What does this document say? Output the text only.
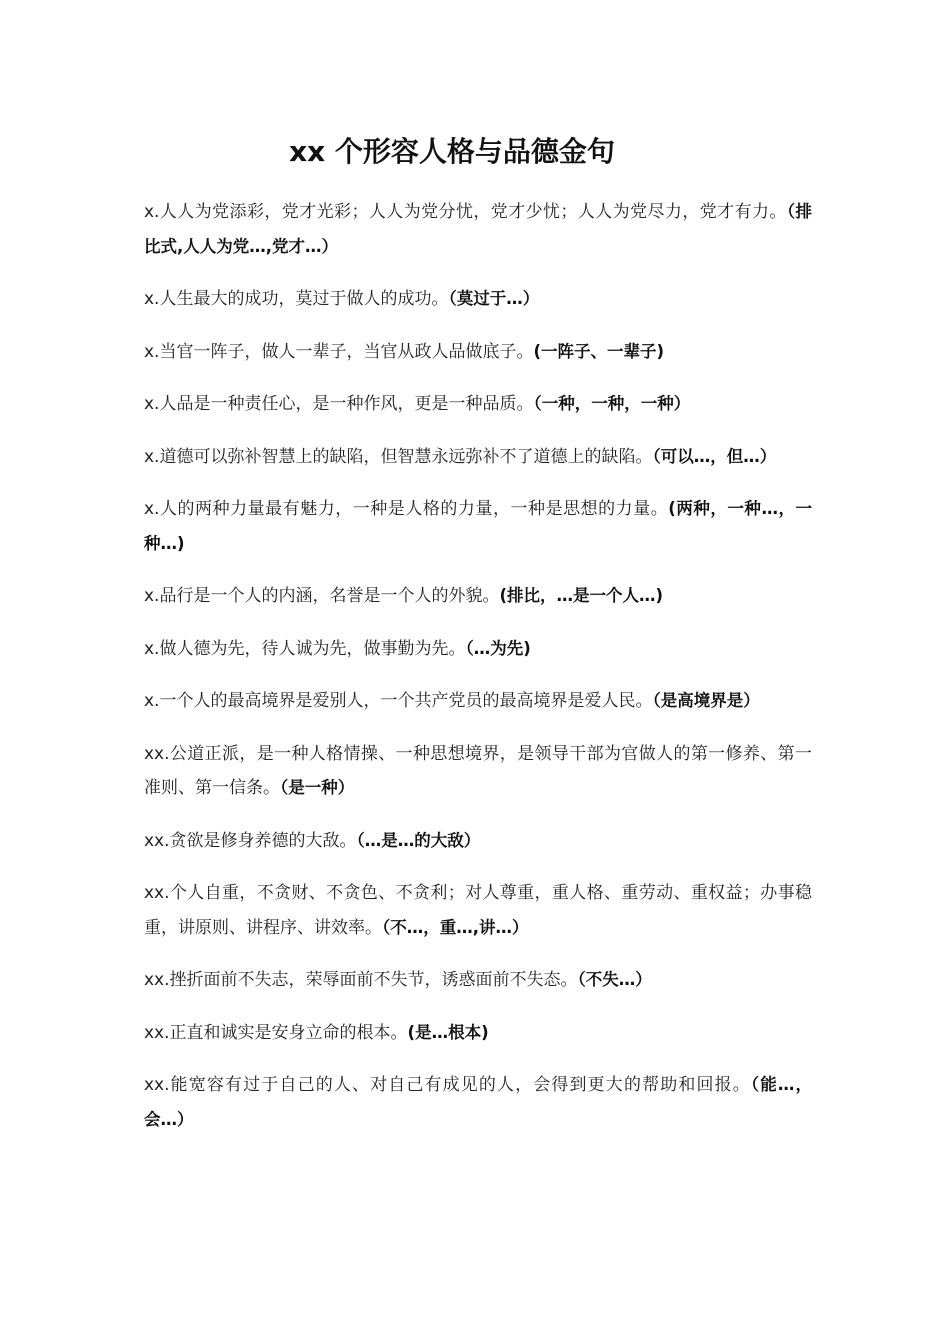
xx 个形容人格与品德金句

x.人人为党添彩，党才光彩；人人为党分忧，党才少忧；人人为党尽力，党才有力。（排比式,人人为党…,党才…）

x.人生最大的成功，莫过于做人的成功。（莫过于…）

x.当官一阵子，做人一辈子，当官从政人品做底子。(一阵子、一辈子)

x.人品是一种责任心，是一种作风，更是一种品质。（一种，一种，一种）

x.道德可以弥补智慧上的缺陷，但智慧永远弥补不了道德上的缺陷。（可以…，但…）

x.人的两种力量最有魅力，一种是人格的力量，一种是思想的力量。(两种，一种…，一种…)

x.品行是一个人的内涵，名誉是一个人的外貌。(排比，…是一个人…)

x.做人德为先，待人诚为先，做事勤为先。（…为先)

x.一个人的最高境界是爱别人，一个共产党员的最高境界是爱人民。（是高境界是）

xx.公道正派，是一种人格情操、一种思想境界，是领导干部为官做人的第一修养、第一准则、第一信条。（是一种）

xx.贪欲是修身养德的大敌。（…是…的大敌）

xx.个人自重，不贪财、不贪色、不贪利；对人尊重，重人格、重劳动、重权益；办事稳重，讲原则、讲程序、讲效率。（不…，重…,讲…）

xx.挫折面前不失志，荣辱面前不失节，诱惑面前不失态。（不失…）

xx.正直和诚实是安身立命的根本。(是…根本)

xx.能宽容有过于自己的人、对自己有成见的人，会得到更大的帮助和回报。（能…，会…）
